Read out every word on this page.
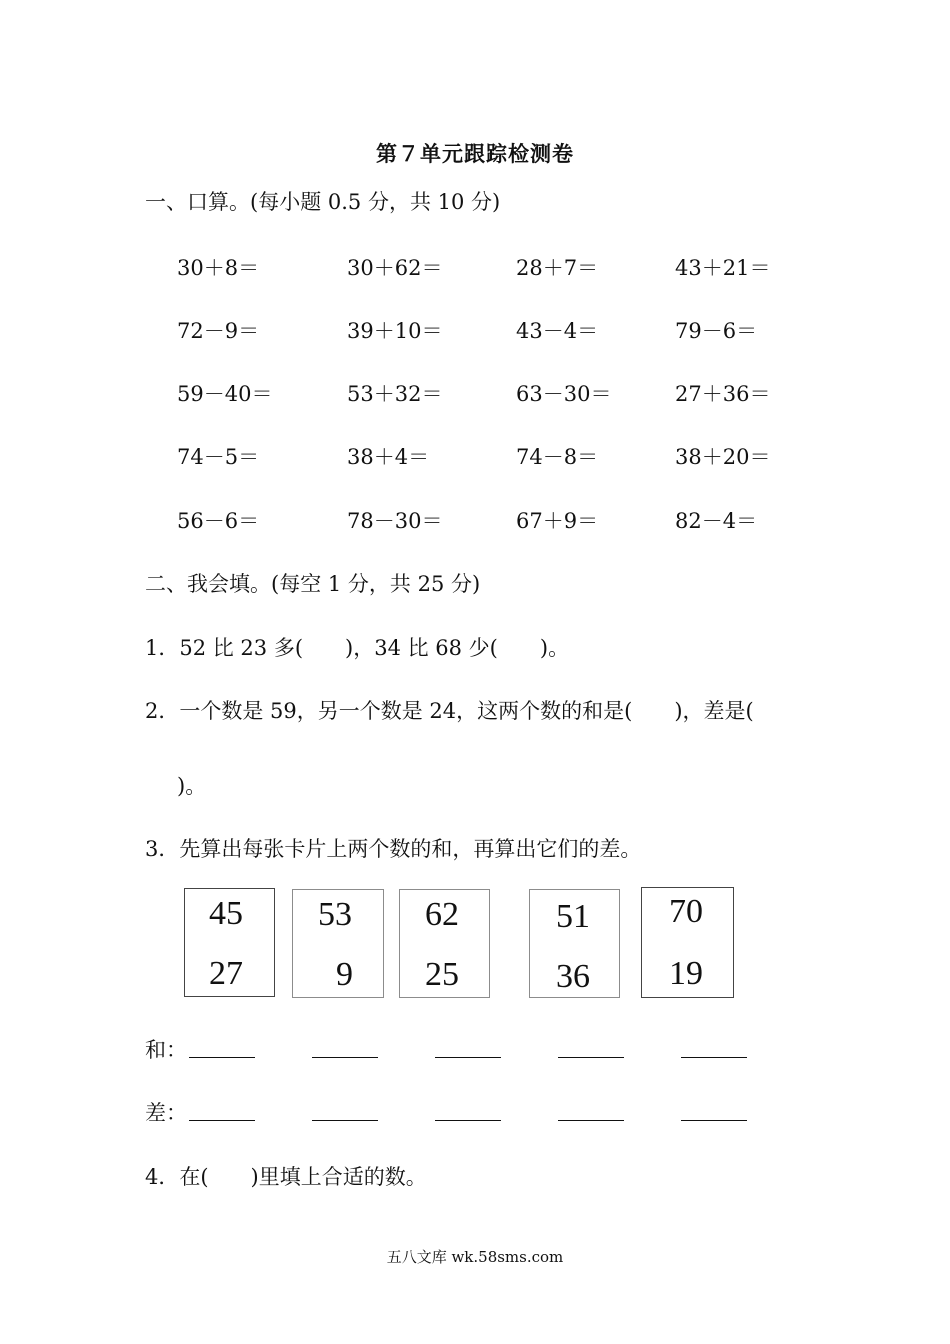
第７单元跟踪检测卷
一、口算。(每小题 0.5 分，共 10 分)
30＋8＝	30＋62＝	28＋7＝	43＋21＝
72－9＝	39＋10＝	43－4＝	79－6＝
59－40＝	53＋32＝	63－30＝	27＋36＝
74－5＝	38＋4＝	74－8＝	38＋20＝
56－6＝	78－30＝	67＋9＝	82－4＝
二、我会填。(每空 1 分，共 25 分)
1．52 比 23 多(　　)，34 比 68 少(　　)。
2．一个数是 59，另一个数是 24，这两个数的和是(　　)，差是(
)。
3．先算出每张卡片上两个数的和，再算出它们的差。
45
27
53
9
62
25
51
36
70
19
和：
差：
4．在(　　)里填上合适的数。
五八文库 wk.58sms.com
